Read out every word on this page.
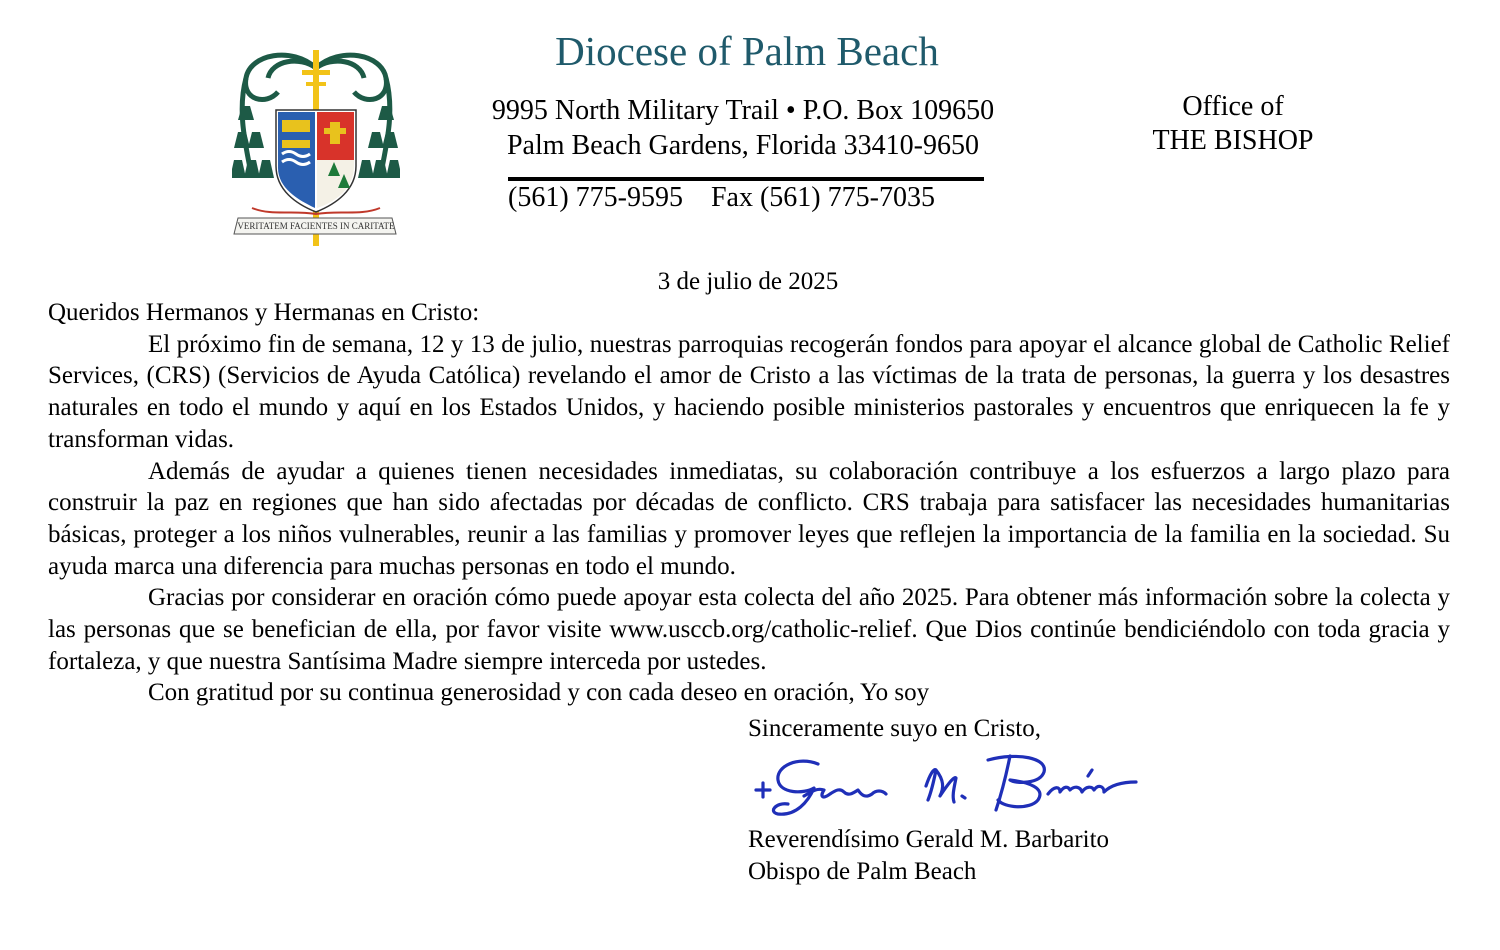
VERITATEM FACIENTES IN CARITATE
Diocese of Palm Beach
9995 North Military Trail • P.O. Box 109650
Palm Beach Gardens, Florida 33410-9650
(561) 775-9595 Fax (561) 775-7035
Office of
THE BISHOP
3 de julio de 2025

Queridos Hermanos y Hermanas en Cristo:

El próximo fin de semana, 12 y 13 de julio, nuestras parroquias recogerán fondos para apoyar el alcance global de Catholic Relief Services, (CRS) (Servicios de Ayuda Católica) revelando el amor de Cristo a las víctimas de la trata de personas, la guerra y los desastres naturales en todo el mundo y aquí en los Estados Unidos, y haciendo posible ministerios pastorales y encuentros que enriquecen la fe y transforman vidas.

Además de ayudar a quienes tienen necesidades inmediatas, su colaboración contribuye a los esfuerzos a largo plazo para construir la paz en regiones que han sido afectadas por décadas de conflicto. CRS trabaja para satisfacer las necesidades humanitarias básicas, proteger a los niños vulnerables, reunir a las familias y promover leyes que reflejen la importancia de la familia en la sociedad. Su ayuda marca una diferencia para muchas personas en todo el mundo.

Gracias por considerar en oración cómo puede apoyar esta colecta del año 2025. Para obtener más información sobre la colecta y las personas que se benefician de ella, por favor visite www.usccb.org/catholic-relief. Que Dios continúe bendiciéndolo con toda gracia y fortaleza, y que nuestra Santísima Madre siempre interceda por ustedes.

Con gratitud por su continua generosidad y con cada deseo en oración, Yo soy

Sinceramente suyo en Cristo,
Reverendísimo Gerald M. Barbarito
Obispo de Palm Beach
